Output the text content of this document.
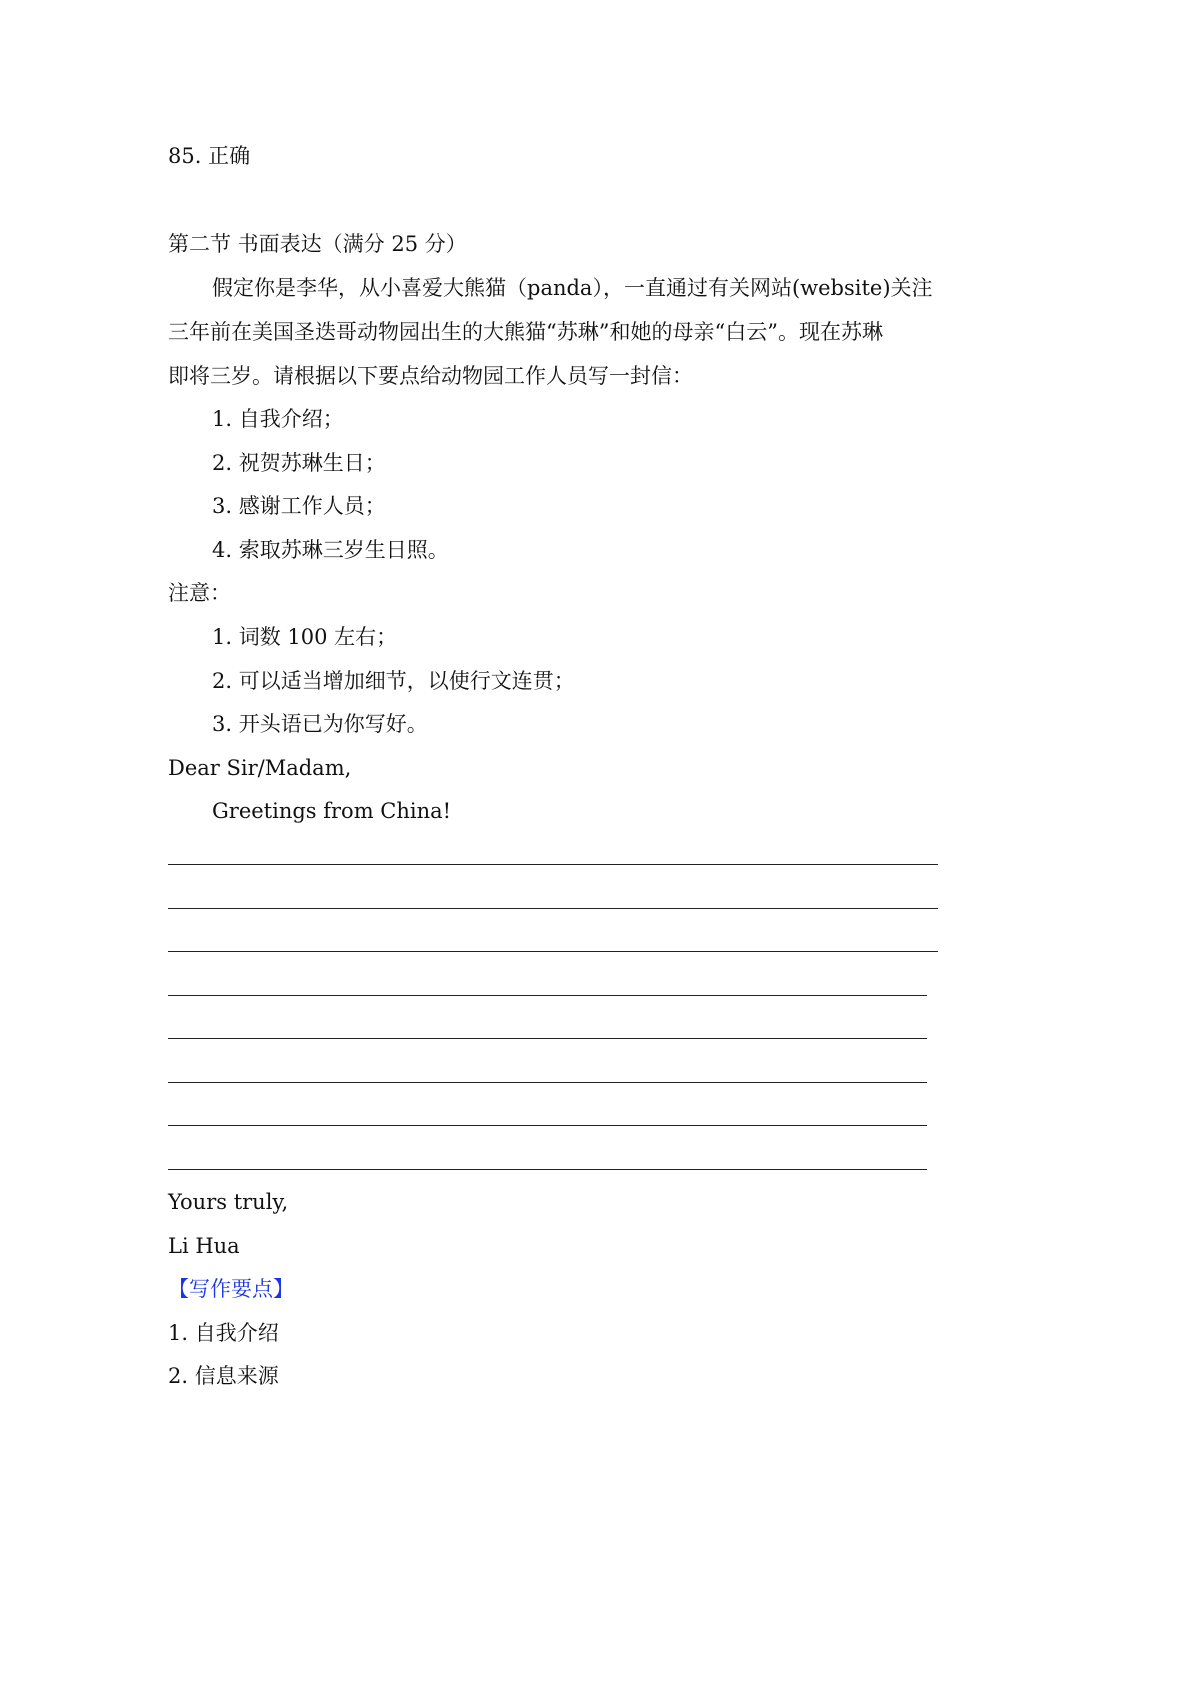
85. 正确
第二节 书面表达（满分 25 分）
假定你是李华，从小喜爱大熊猫（panda），一直通过有关网站(website)关注
三年前在美国圣迭哥动物园出生的大熊猫“苏琳”和她的母亲“白云”。现在苏琳
即将三岁。请根据以下要点给动物园工作人员写一封信：
1. 自我介绍；
2. 祝贺苏琳生日；
3. 感谢工作人员；
4. 索取苏琳三岁生日照。
注意：
1. 词数 100 左右；
2. 可以适当增加细节，以使行文连贯；
3. 开头语已为你写好。
Dear Sir/Madam,
Greetings from China!
Yours truly,
Li Hua
【写作要点】
1. 自我介绍
2. 信息来源
